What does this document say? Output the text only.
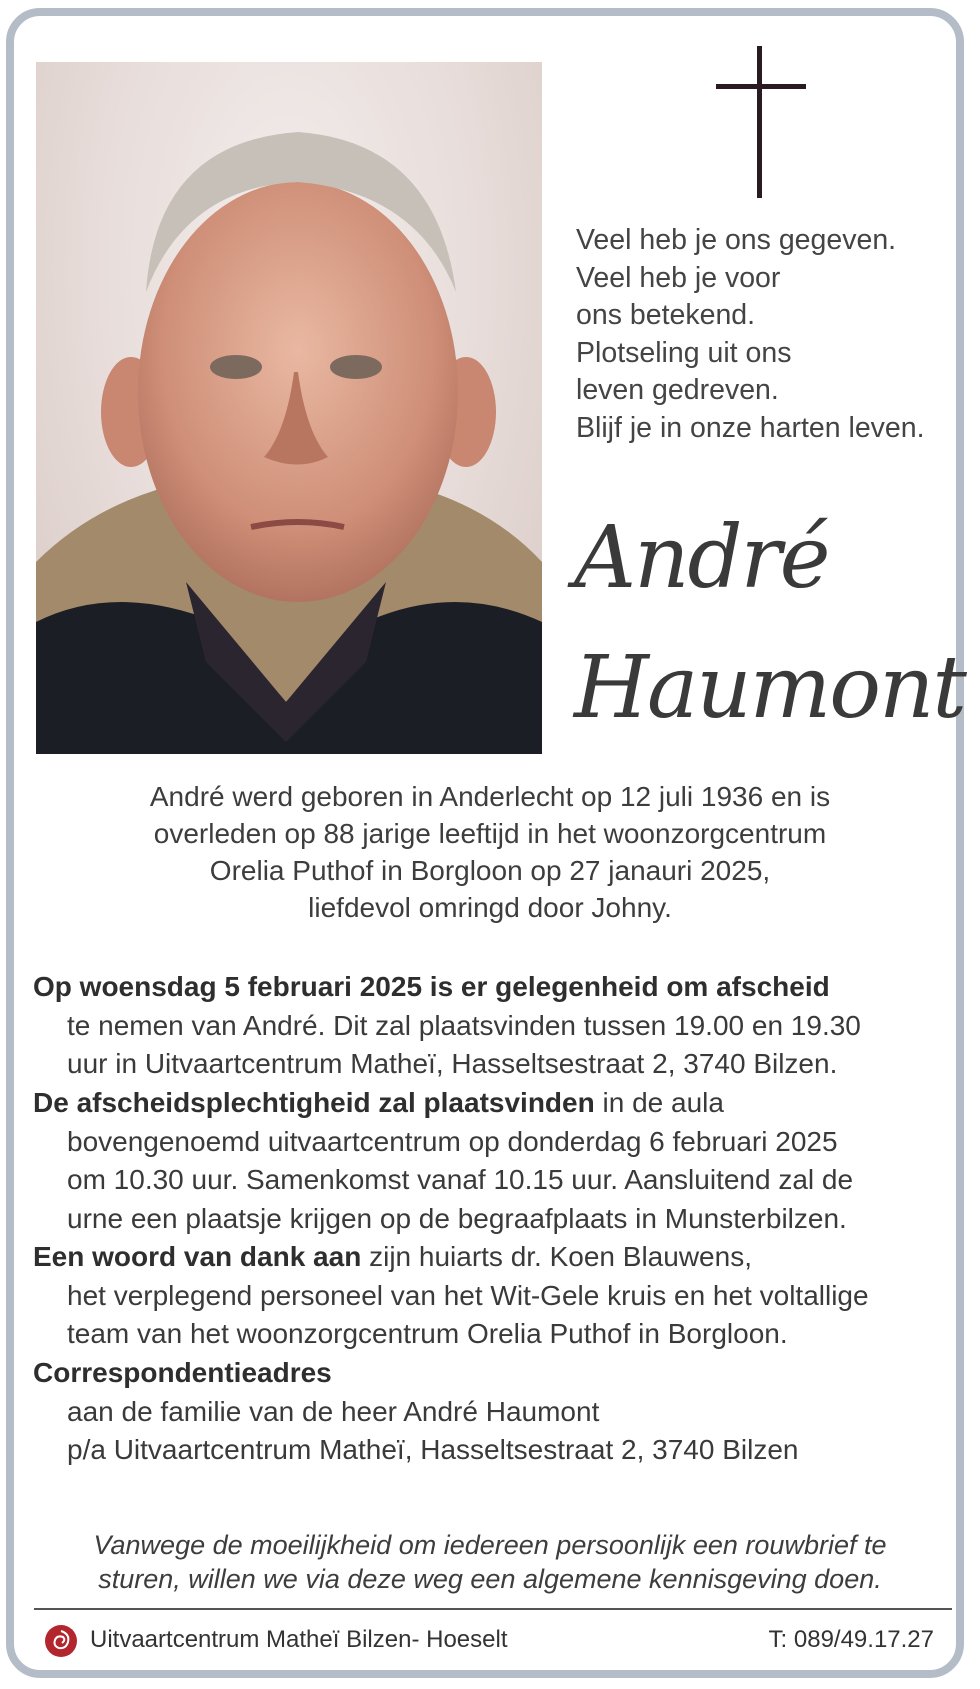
Veel heb je ons gegeven.
Veel heb je voor
ons betekend.
Plotseling uit ons
leven gedreven.
Blijf je in onze harten leven.
André
Haumont
André werd geboren in Anderlecht op 12 juli 1936 en is
overleden op 88 jarige leeftijd in het woonzorgcentrum
Orelia Puthof in Borgloon op 27 janauri 2025,
liefdevol omringd door Johny.
Op woensdag 5 februari 2025 is er gelegenheid om afscheid
te nemen van André. Dit zal plaatsvinden tussen 19.00 en 19.30
uur in Uitvaartcentrum Matheï, Hasseltsestraat 2, 3740 Bilzen.
De afscheidsplechtigheid zal plaatsvinden in de aula
bovengenoemd uitvaartcentrum op donderdag 6 februari 2025
om 10.30 uur. Samenkomst vanaf 10.15 uur. Aansluitend zal de
urne een plaatsje krijgen op de begraafplaats in Munsterbilzen.
Een woord van dank aan zijn huiarts dr. Koen Blauwens,
het verplegend personeel van het Wit-Gele kruis en het voltallige
team van het woonzorgcentrum Orelia Puthof in Borgloon.
Correspondentieadres
aan de familie van de heer André Haumont
p/a Uitvaartcentrum Matheï, Hasseltsestraat 2, 3740 Bilzen
Vanwege de moeilijkheid om iedereen persoonlijk een rouwbrief te
sturen, willen we via deze weg een algemene kennisgeving doen.
Uitvaartcentrum Matheï Bilzen- Hoeselt	T: 089/49.17.27
